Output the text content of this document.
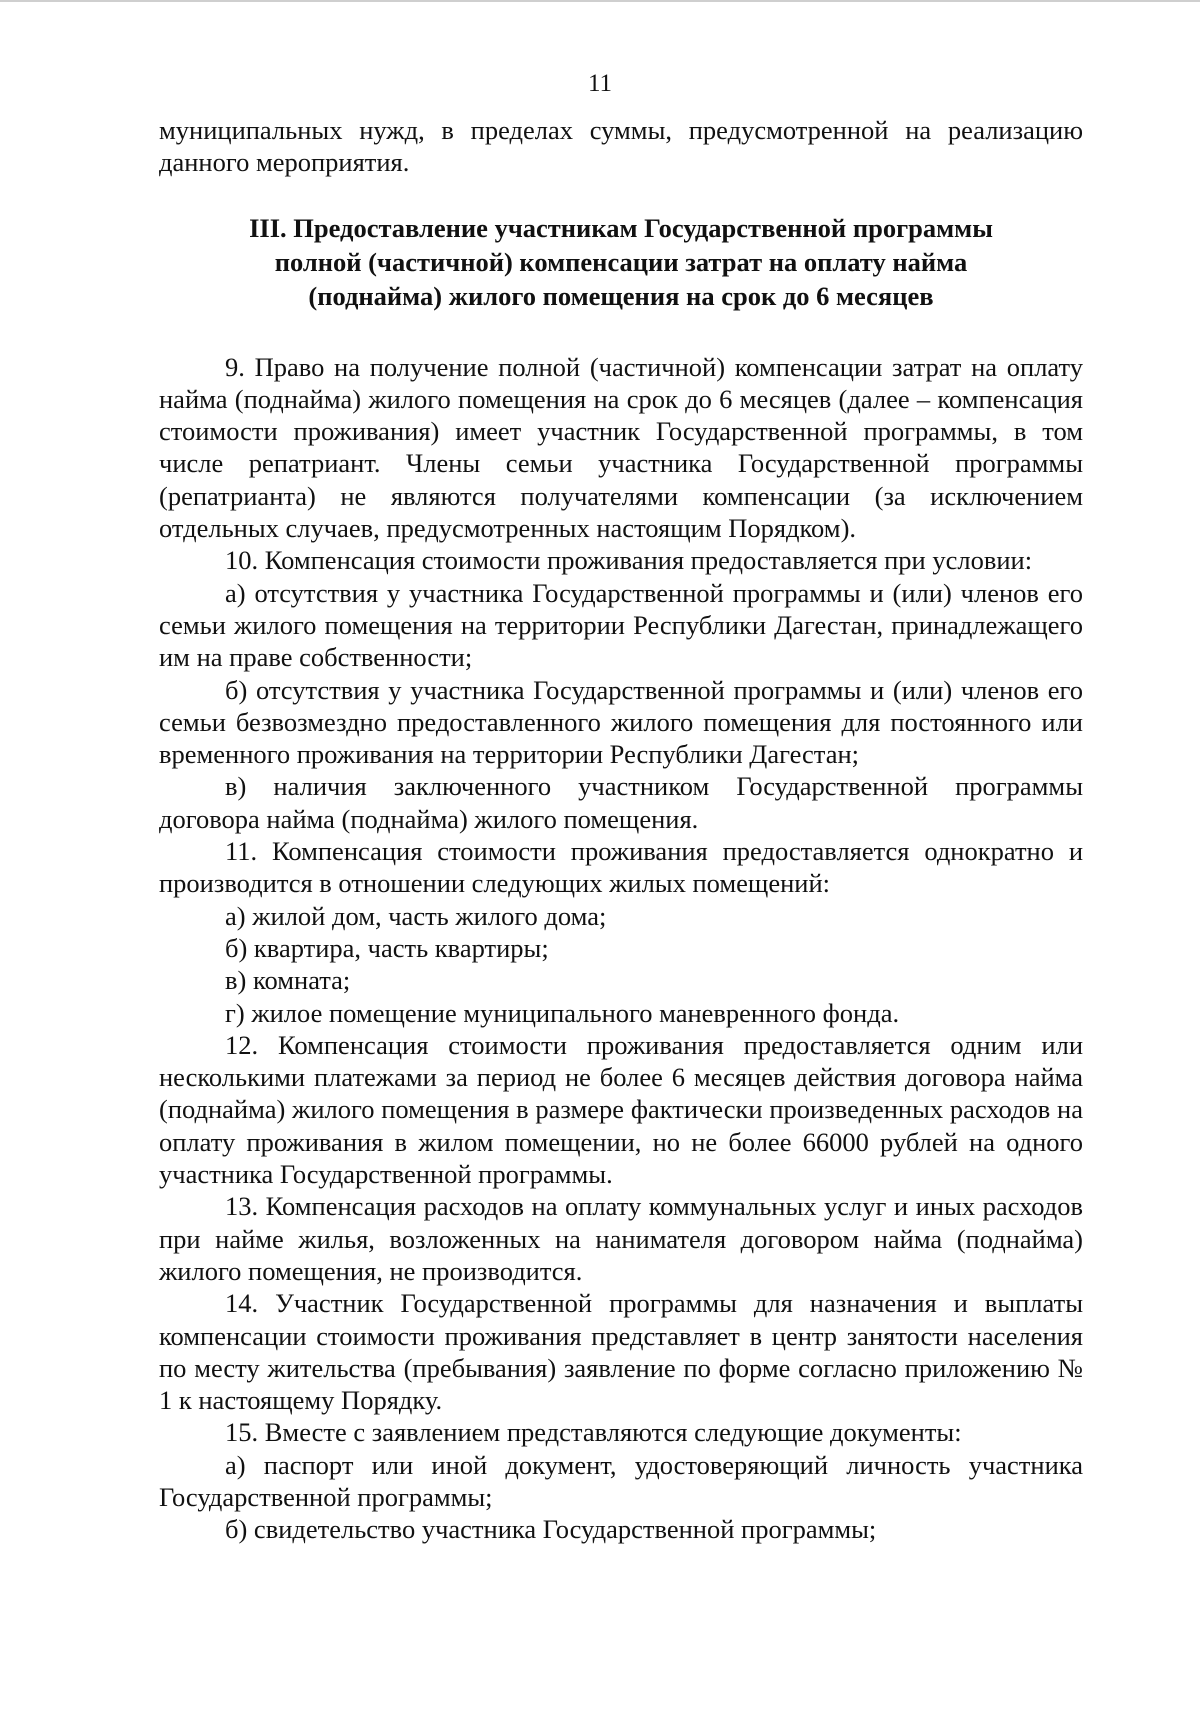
11

муниципальных нужд, в пределах суммы, предусмотренной на реализацию данного мероприятия.

III. Предоставление участникам Государственной программы
полной (частичной) компенсации затрат на оплату найма
(поднайма) жилого помещения на срок до 6 месяцев

9. Право на получение полной (частичной) компенсации затрат на оплату найма (поднайма) жилого помещения на срок до 6 месяцев (далее – компенсация стоимости проживания) имеет участник Государственной программы, в том числе репатриант. Члены семьи участника Государственной программы (репатрианта) не являются получателями компенсации (за исключением отдельных случаев, предусмотренных настоящим Порядком).

10. Компенсация стоимости проживания предоставляется при условии:

а) отсутствия у участника Государственной программы и (или) членов его семьи жилого помещения на территории Республики Дагестан, принадлежащего им на праве собственности;

б) отсутствия у участника Государственной программы и (или) членов его семьи безвозмездно предоставленного жилого помещения для постоянного или временного проживания на территории Республики Дагестан;

в) наличия заключенного участником Государственной программы договора найма (поднайма) жилого помещения.

11. Компенсация стоимости проживания предоставляется однократно и производится в отношении следующих жилых помещений:

а) жилой дом, часть жилого дома;

б) квартира, часть квартиры;

в) комната;

г) жилое помещение муниципального маневренного фонда.

12. Компенсация стоимости проживания предоставляется одним или несколькими платежами за период не более 6 месяцев действия договора найма (поднайма) жилого помещения в размере фактически произведенных расходов на оплату проживания в жилом помещении, но не более 66000 рублей на одного участника Государственной программы.

13. Компенсация расходов на оплату коммунальных услуг и иных расходов при найме жилья, возложенных на нанимателя договором найма (поднайма) жилого помещения, не производится.

14. Участник Государственной программы для назначения и выплаты компенсации стоимости проживания представляет в центр занятости населения по месту жительства (пребывания) заявление по форме согласно приложению № 1 к настоящему Порядку.

15. Вместе с заявлением представляются следующие документы:

а) паспорт или иной документ, удостоверяющий личность участника Государственной программы;

б) свидетельство участника Государственной программы;
